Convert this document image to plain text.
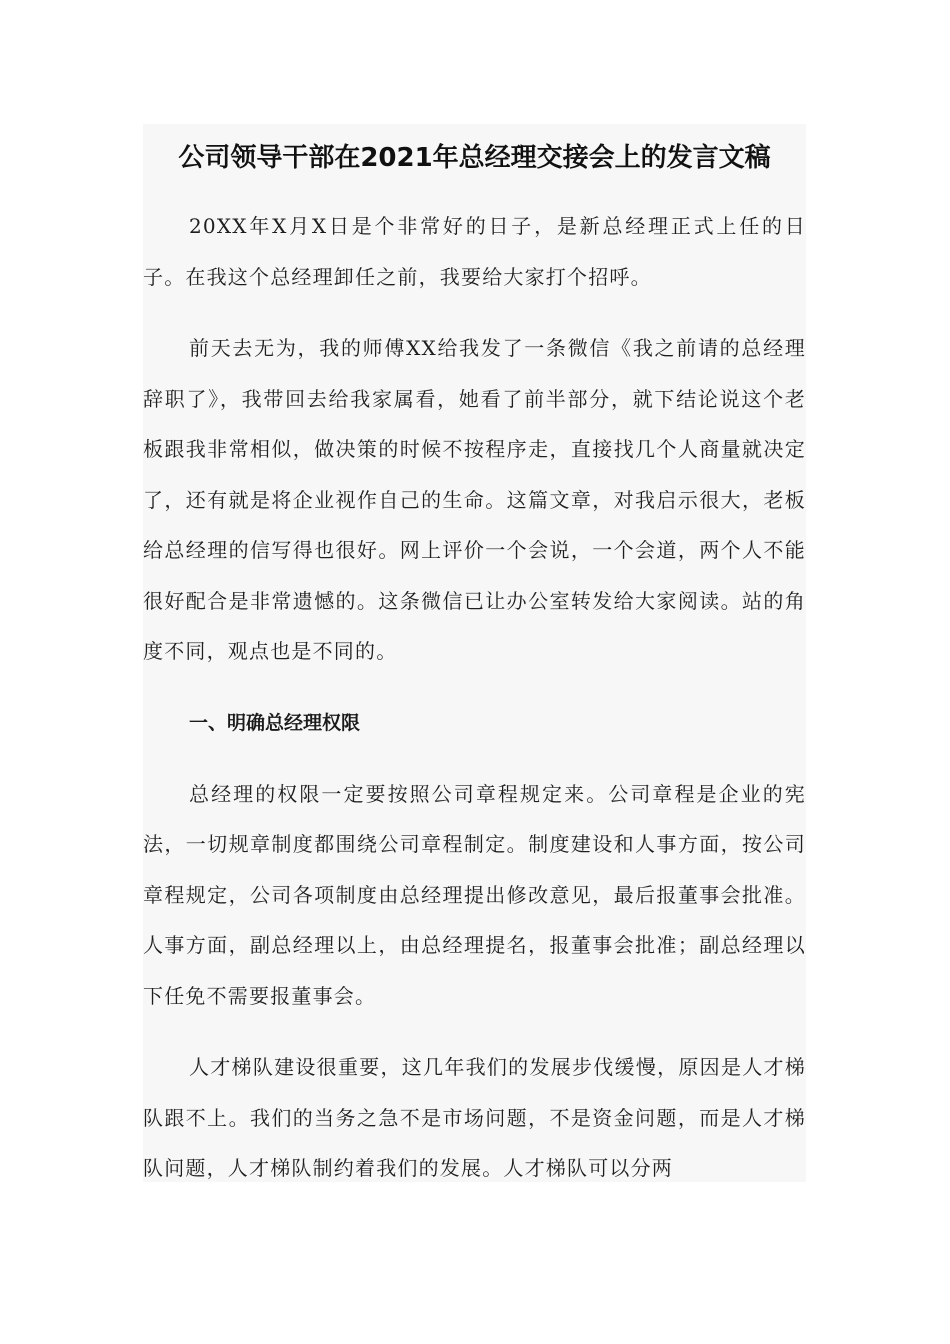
公司领导干部在2021年总经理交接会上的发言文稿

20XX年X月X日是个非常好的日子，是新总经理正式上任的日子。在我这个总经理卸任之前，我要给大家打个招呼。

前天去无为，我的师傅XX给我发了一条微信《我之前请的总经理辞职了》，我带回去给我家属看，她看了前半部分，就下结论说这个老板跟我非常相似，做决策的时候不按程序走，直接找几个人商量就决定了，还有就是将企业视作自己的生命。这篇文章，对我启示很大，老板给总经理的信写得也很好。网上评价一个会说，一个会道，两个人不能很好配合是非常遗憾的。这条微信已让办公室转发给大家阅读。站的角度不同，观点也是不同的。

一、明确总经理权限

总经理的权限一定要按照公司章程规定来。公司章程是企业的宪法，一切规章制度都围绕公司章程制定。制度建设和人事方面，按公司章程规定，公司各项制度由总经理提出修改意见，最后报董事会批准。人事方面，副总经理以上，由总经理提名，报董事会批准；副总经理以下任免不需要报董事会。

人才梯队建设很重要，这几年我们的发展步伐缓慢，原因是人才梯队跟不上。我们的当务之急不是市场问题，不是资金问题，而是人才梯队问题，人才梯队制约着我们的发展。人才梯队可以分两
